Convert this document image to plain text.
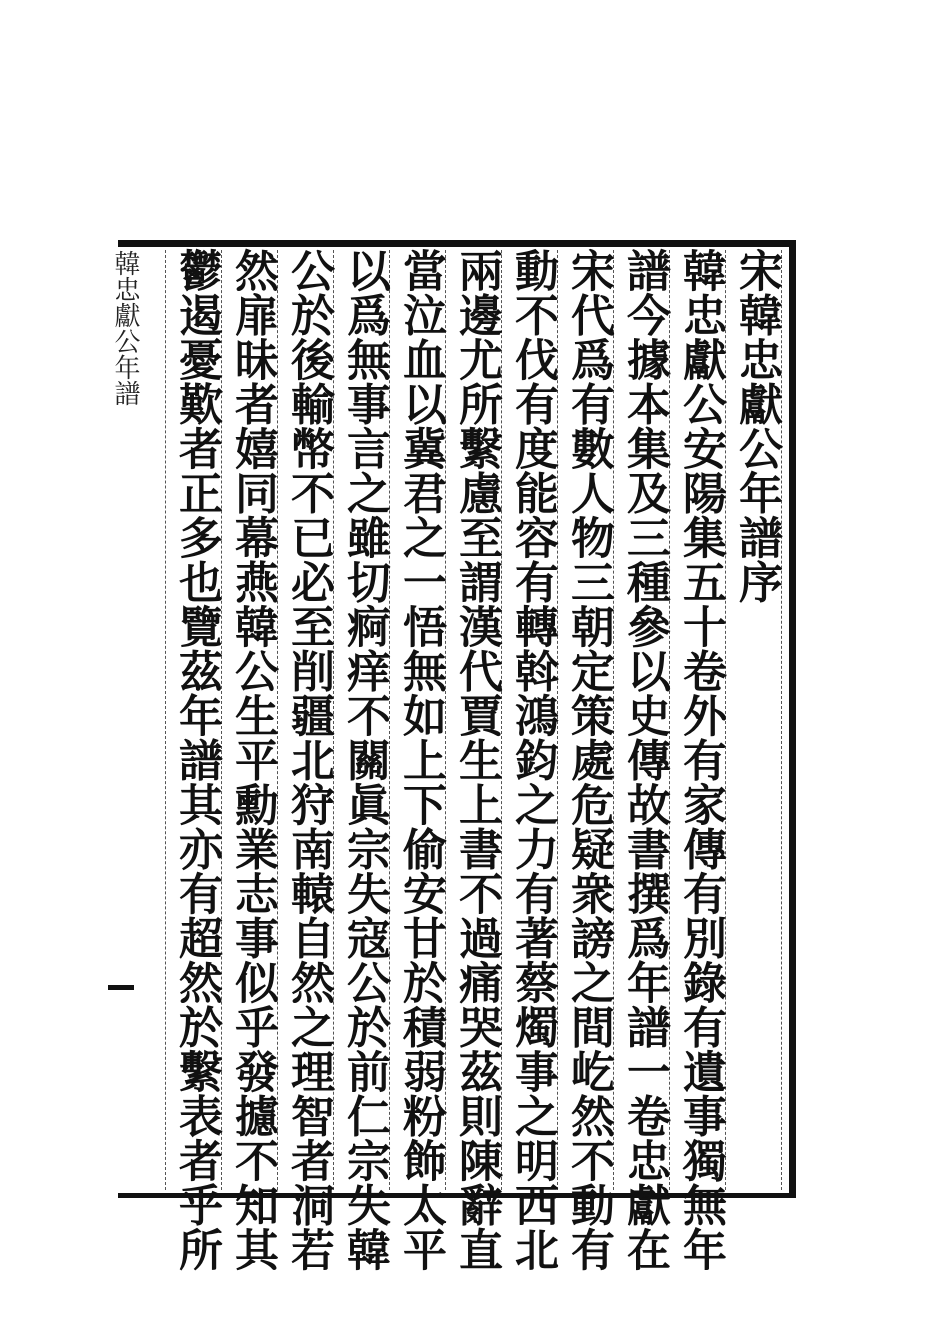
宋韓忠獻公年譜序
韓忠獻公安陽集五十卷外有家傳有別錄有遺事獨無年
譜今據本集及三種參以史傳故書撰爲年譜一卷忠獻在
宋代爲有數人物三朝定策處危疑衆謗之間屹然不動有
動不伐有度能容有轉斡鴻鈞之力有著蔡燭事之明西北
兩邊尤所繫慮至謂漢代賈生上書不過痛哭茲則陳辭直
當泣血以冀君之一悟無如上下偷安甘於積弱粉飾太平
以爲無事言之雖切痾痒不關眞宗失寇公於前仁宗失韓
公於後輸幣不已必至削疆北狩南轅自然之理智者洞若
然扉昧者嬉同幕燕韓公生平勳業志事似乎發攄不知其
鬱遏憂歎者正多也覽茲年譜其亦有超然於繫表者乎所
韓忠獻公年譜
